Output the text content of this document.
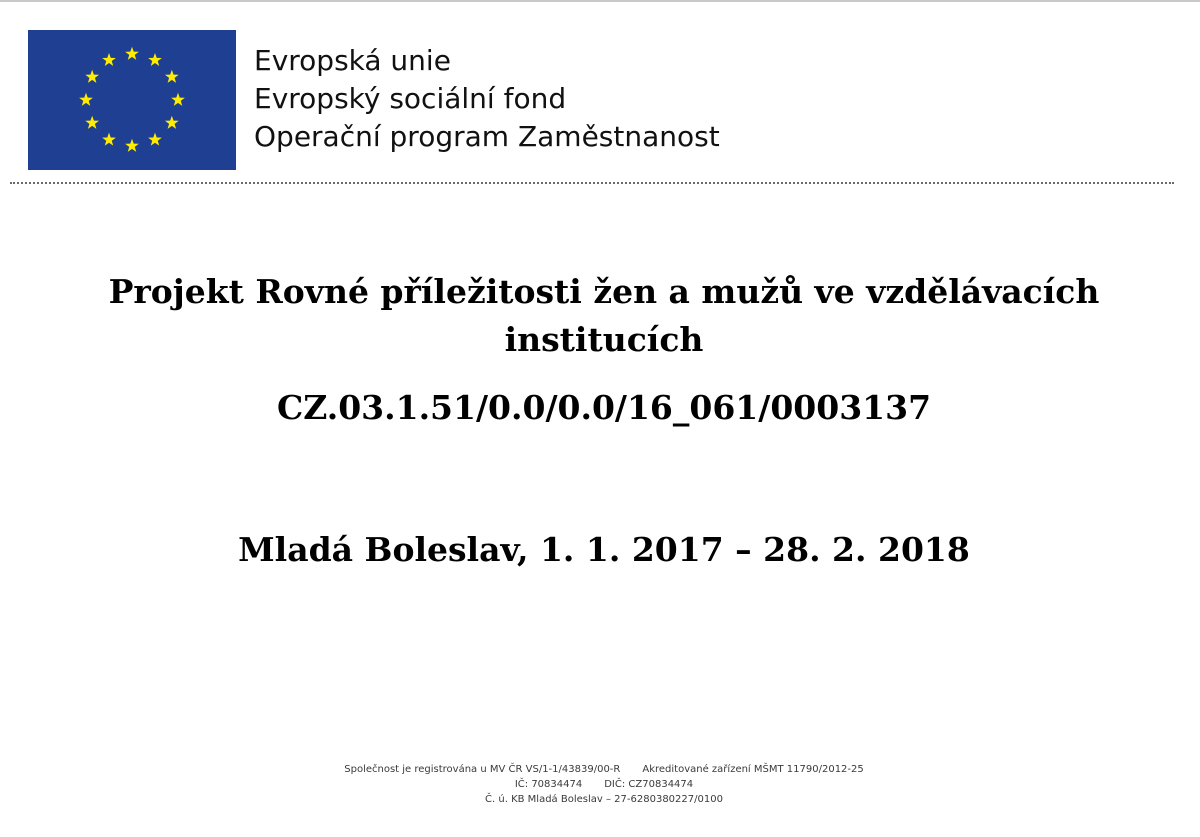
Evropská unie
Evropský sociální fond
Operační program Zaměstnanost
Projekt Rovné příležitosti žen a mužů ve vzdělávacích institucích
CZ.03.1.51/0.0/0.0/16_061/0003137
Mladá Boleslav, 1. 1. 2017 – 28. 2. 2018
Společnost je registrována u MV ČR VS/1-1/43839/00-R Akreditované zařízení MŠMT 11790/2012-25
IČ: 70834474 DIČ: CZ70834474
Č. ú. KB Mladá Boleslav – 27-6280380227/0100
